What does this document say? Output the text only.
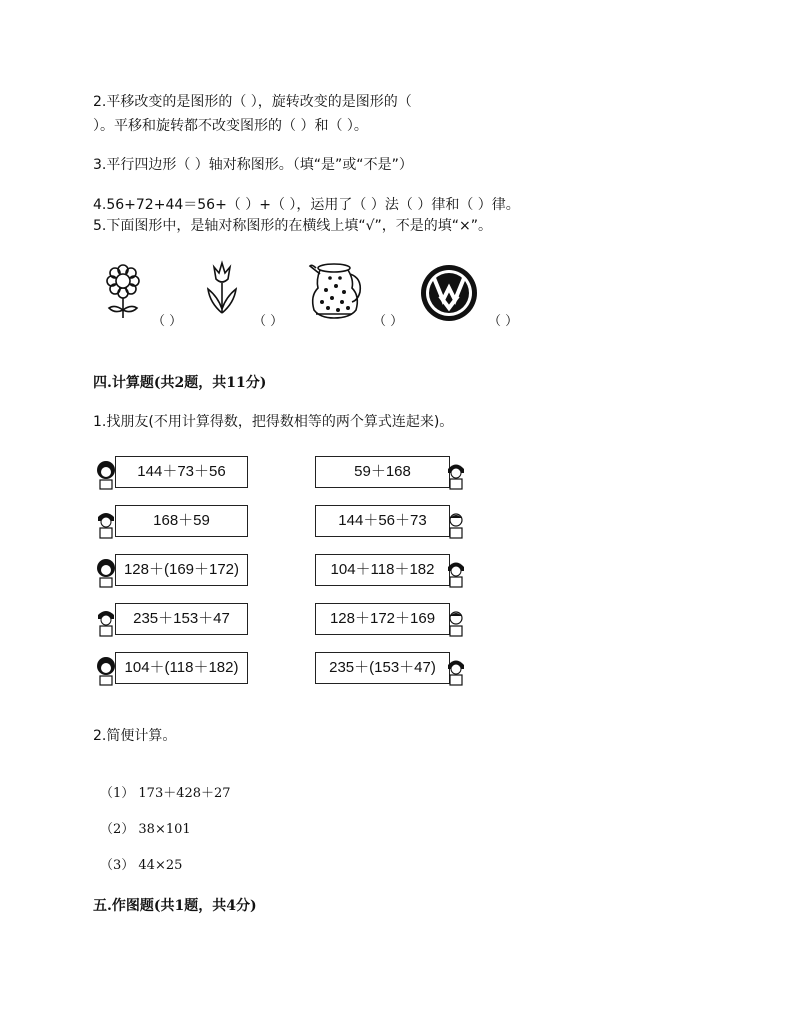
2.平移改变的是图形的（ ），旋转改变的是图形的（
）。平移和旋转都不改变图形的（ ）和（ ）。
3.平行四边形（ ）轴对称图形。（填“是”或“不是”）
4.56+72+44＝56+（ ）+（ ），运用了（ ）法（ ）律和（ ）律。
5.下面图形中，是轴对称图形的在横线上填“√”，不是的填“×”。
（ ）	（ ）	（ ）	（ ）
四.计算题(共2题，共11分)
1.找朋友(不用计算得数，把得数相等的两个算式连起来)。
144＋73＋56
168＋59
128＋(169＋172)
235＋153＋47
104＋(118＋182)
59＋168
144＋56＋73
104＋118＋182
128＋172＋169
235＋(153＋47)
2.简便计算。
（1） 173＋428＋27
（2） 38×101
（3） 44×25
五.作图题(共1题，共4分)
